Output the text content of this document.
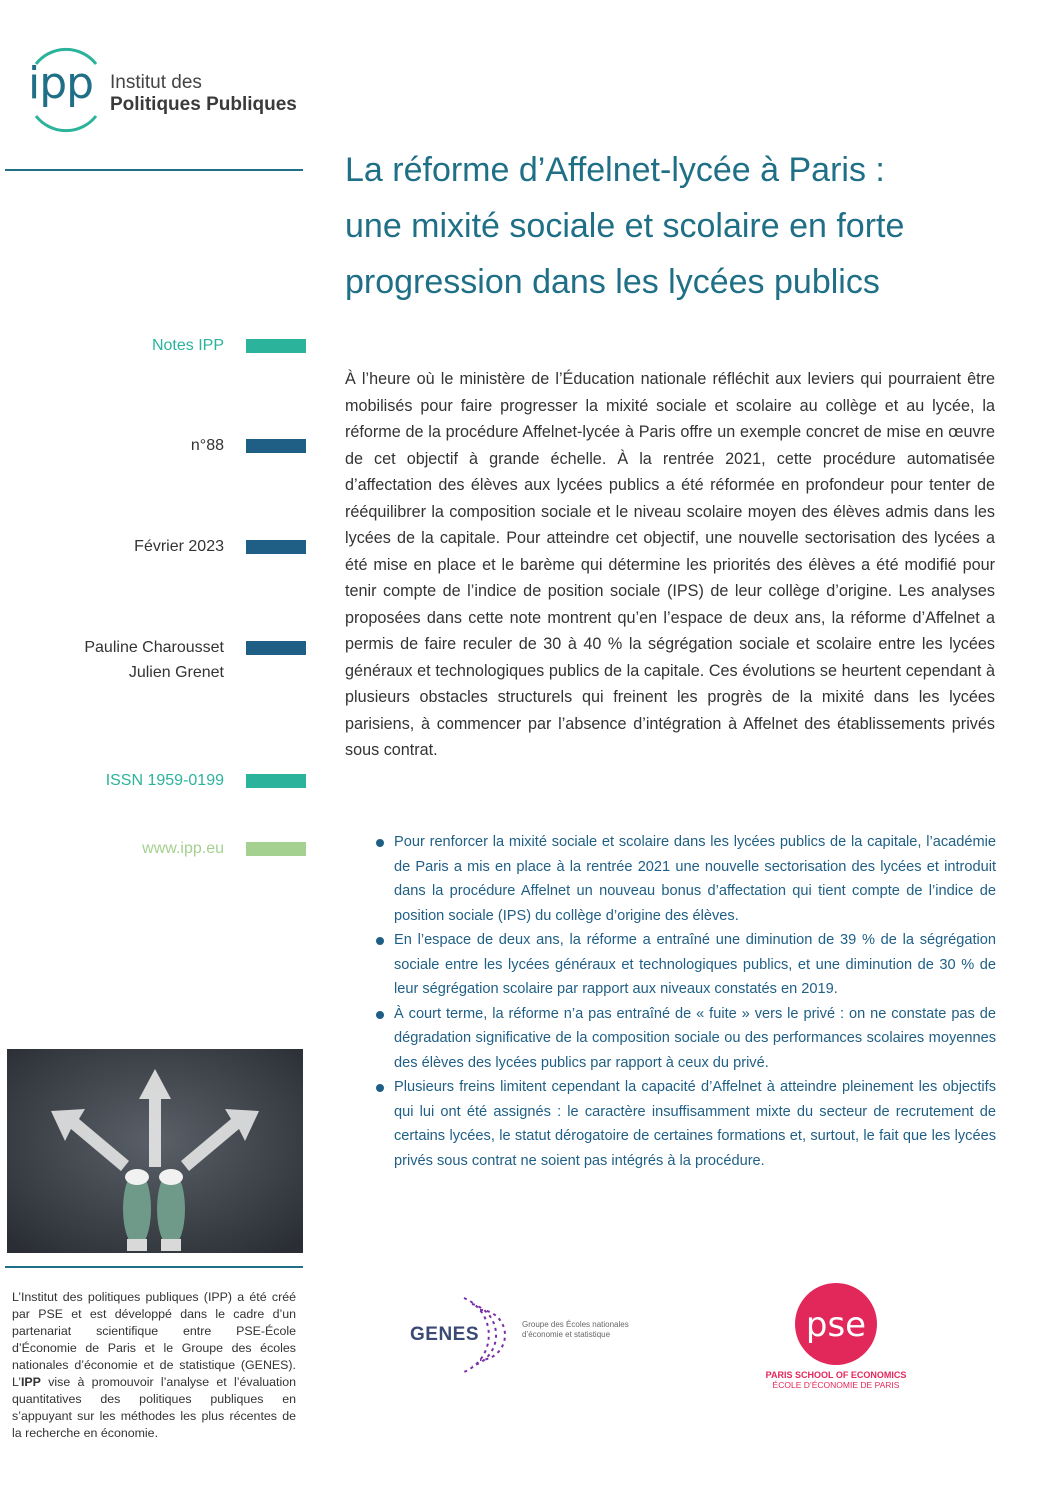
ipp Institut des
Politiques Publiques
La réforme d’Affelnet-lycée à Paris :
une mixité sociale et scolaire en forte
progression dans les lycées publics
Notes IPP
n°88
Février 2023
Pauline Charousset
Julien Grenet
ISSN 1959-0199
www.ipp.eu
À l’heure où le ministère de l’Éducation nationale réfléchit aux leviers qui pourraient être mobilisés pour faire progresser la mixité sociale et scolaire au collège et au lycée, la réforme de la procédure Affelnet-lycée à Paris offre un exemple concret de mise en œuvre de cet objectif à grande échelle. À la rentrée 2021, cette procédure automatisée d’affectation des élèves aux lycées publics a été réformée en profondeur pour tenter de rééquilibrer la composition sociale et le niveau scolaire moyen des élèves admis dans les lycées de la capitale. Pour atteindre cet objectif, une nouvelle sectorisation des lycées a été mise en place et le barème qui détermine les priorités des élèves a été modifié pour tenir compte de l’indice de position sociale (IPS) de leur collège d’origine. Les analyses proposées dans cette note montrent qu’en l’espace de deux ans, la réforme d’Affelnet a permis de faire reculer de 30 à 40 % la ségrégation sociale et scolaire entre les lycées généraux et technologiques publics de la capitale. Ces évolutions se heurtent cependant à plusieurs obstacles structurels qui freinent les progrès de la mixité dans les lycées parisiens, à commencer par l’absence d’intégration à Affelnet des établissements privés sous contrat.
Pour renforcer la mixité sociale et scolaire dans les lycées publics de la capitale, l’académie de Paris a mis en place à la rentrée 2021 une nouvelle sectorisation des lycées et introduit dans la procédure Affelnet un nouveau bonus d’affectation qui tient compte de l’indice de position sociale (IPS) du collège d’origine des élèves.
En l’espace de deux ans, la réforme a entraîné une diminution de 39 % de la ségrégation sociale entre les lycées généraux et technologiques publics, et une diminution de 30 % de leur ségrégation scolaire par rapport aux niveaux constatés en 2019.
À court terme, la réforme n’a pas entraîné de « fuite » vers le privé : on ne constate pas de dégradation significative de la composition sociale ou des performances scolaires moyennes des élèves des lycées publics par rapport à ceux du privé.
Plusieurs freins limitent cependant la capacité d’Affelnet à atteindre pleinement les objectifs qui lui ont été assignés : le caractère insuffisamment mixte du secteur de recrutement de certains lycées, le statut dérogatoire de certaines formations et, surtout, le fait que les lycées privés sous contrat ne soient pas intégrés à la procédure.
L’Institut des politiques publiques (IPP) a été créé par PSE et est développé dans le cadre d’un partenariat scientifique entre PSE-École d’Économie de Paris et le Groupe des écoles nationales d’économie et de statistique (GENES). L’IPP vise à promouvoir l’analyse et l’évaluation quantitatives des politiques publiques en s’appuyant sur les méthodes les plus récentes de la recherche en économie.
GENES	Groupe des Écoles nationales d’économie et statistique	pse
PARIS SCHOOL OF ECONOMICS
ÉCOLE D’ÉCONOMIE DE PARIS
